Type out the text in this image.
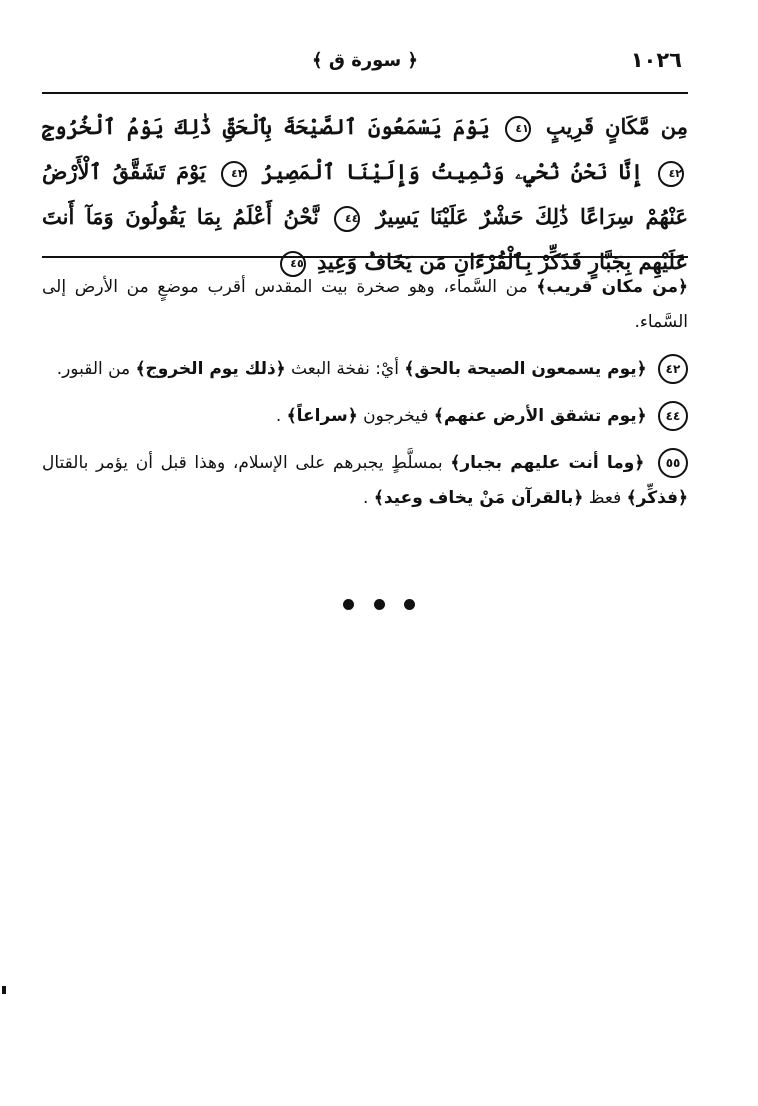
١٠٢٦
﴿ سورة ق ﴾
مِن مَّكَانٍ قَرِيبٍ ٤١ يَوْمَ يَسْمَعُونَ ٱلصَّيْحَةَ بِٱلْحَقِّ ذَٰلِكَ يَوْمُ ٱلْخُرُوجِ ٤٢ إِنَّا نَحْنُ نُحْيِۦ وَنُمِيتُ وَإِلَيْنَا ٱلْمَصِيرُ ٤٣ يَوْمَ تَشَقَّقُ ٱلْأَرْضُ عَنْهُمْ سِرَاعًا ذَٰلِكَ حَشْرٌ عَلَيْنَا يَسِيرٌ ٤٤ نَّحْنُ أَعْلَمُ بِمَا يَقُولُونَ وَمَآ أَنتَ عَلَيْهِم بِجَبَّارٍ فَذَكِّرْ بِٱلْقُرْءَانِ مَن يَخَافُ وَعِيدِ ٤٥

﴿من مكان قريب﴾ من السَّماء، وهو صخرة بيت المقدس أقرب موضعٍ من الأرض إلى السَّماء.

٤٢ ﴿يوم يسمعون الصيحة بالحق﴾ أيْ: نفخة البعث ﴿ذلك يوم الخروج﴾ من القبور.

٤٤ ﴿يوم تشقق الأرض عنهم﴾ فيخرجون ﴿سراعاً﴾ .

٥٥ ﴿وما أنت عليهم بجبار﴾ بمسلَّطٍ يجبرهم على الإسلام، وهذا قبل أن يؤمر بالقتال ﴿فذكِّر﴾ فعظ ﴿بالقرآن مَنْ يخاف وعيد﴾ .
